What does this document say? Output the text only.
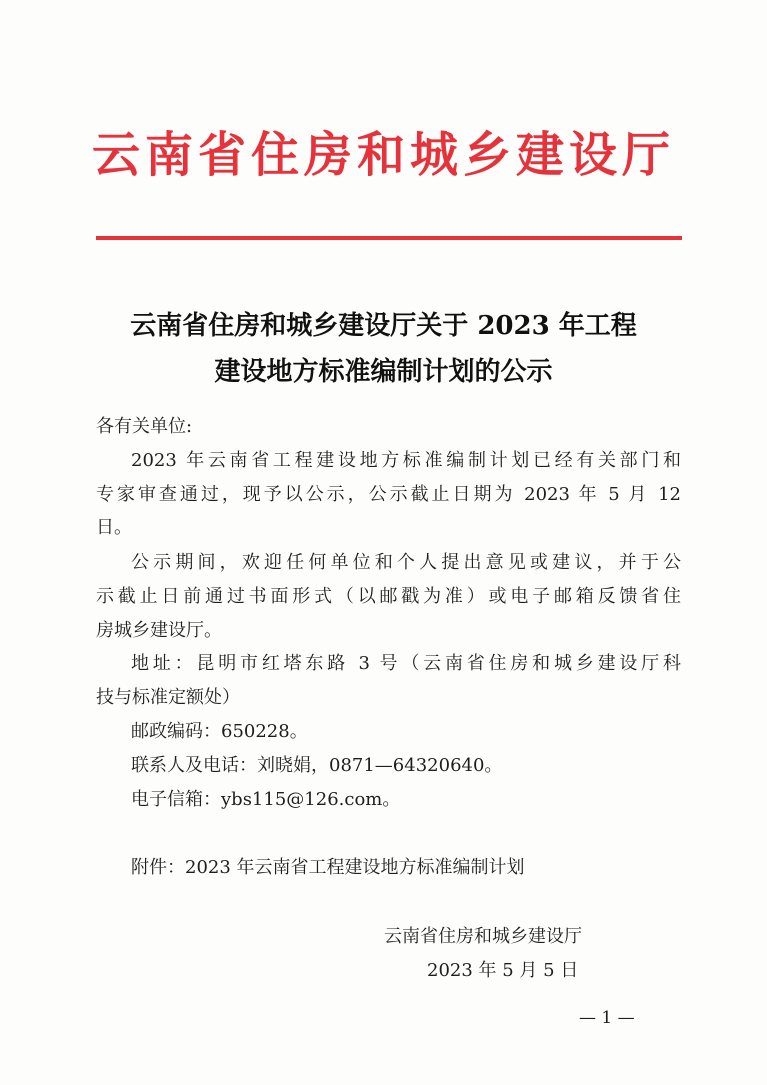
云南省住房和城乡建设厅
云南省住房和城乡建设厅关于 2023 年工程
建设地方标准编制计划的公示
各有关单位:
2023 年云南省工程建设地方标准编制计划已经有关部门和
专家审查通过，现予以公示，公示截止日期为 2023 年 5 月 12
日。
公示期间，欢迎任何单位和个人提出意见或建议，并于公
示截止日前通过书面形式（以邮戳为准）或电子邮箱反馈省住
房城乡建设厅。
地址：昆明市红塔东路 3 号（云南省住房和城乡建设厅科
技与标准定额处）
邮政编码：650228。
联系人及电话：刘晓娟，0871—64320640。
电子信箱：ybs115@126.com。
附件：2023 年云南省工程建设地方标准编制计划
云南省住房和城乡建设厅
2023 年 5 月 5 日
— 1 —
